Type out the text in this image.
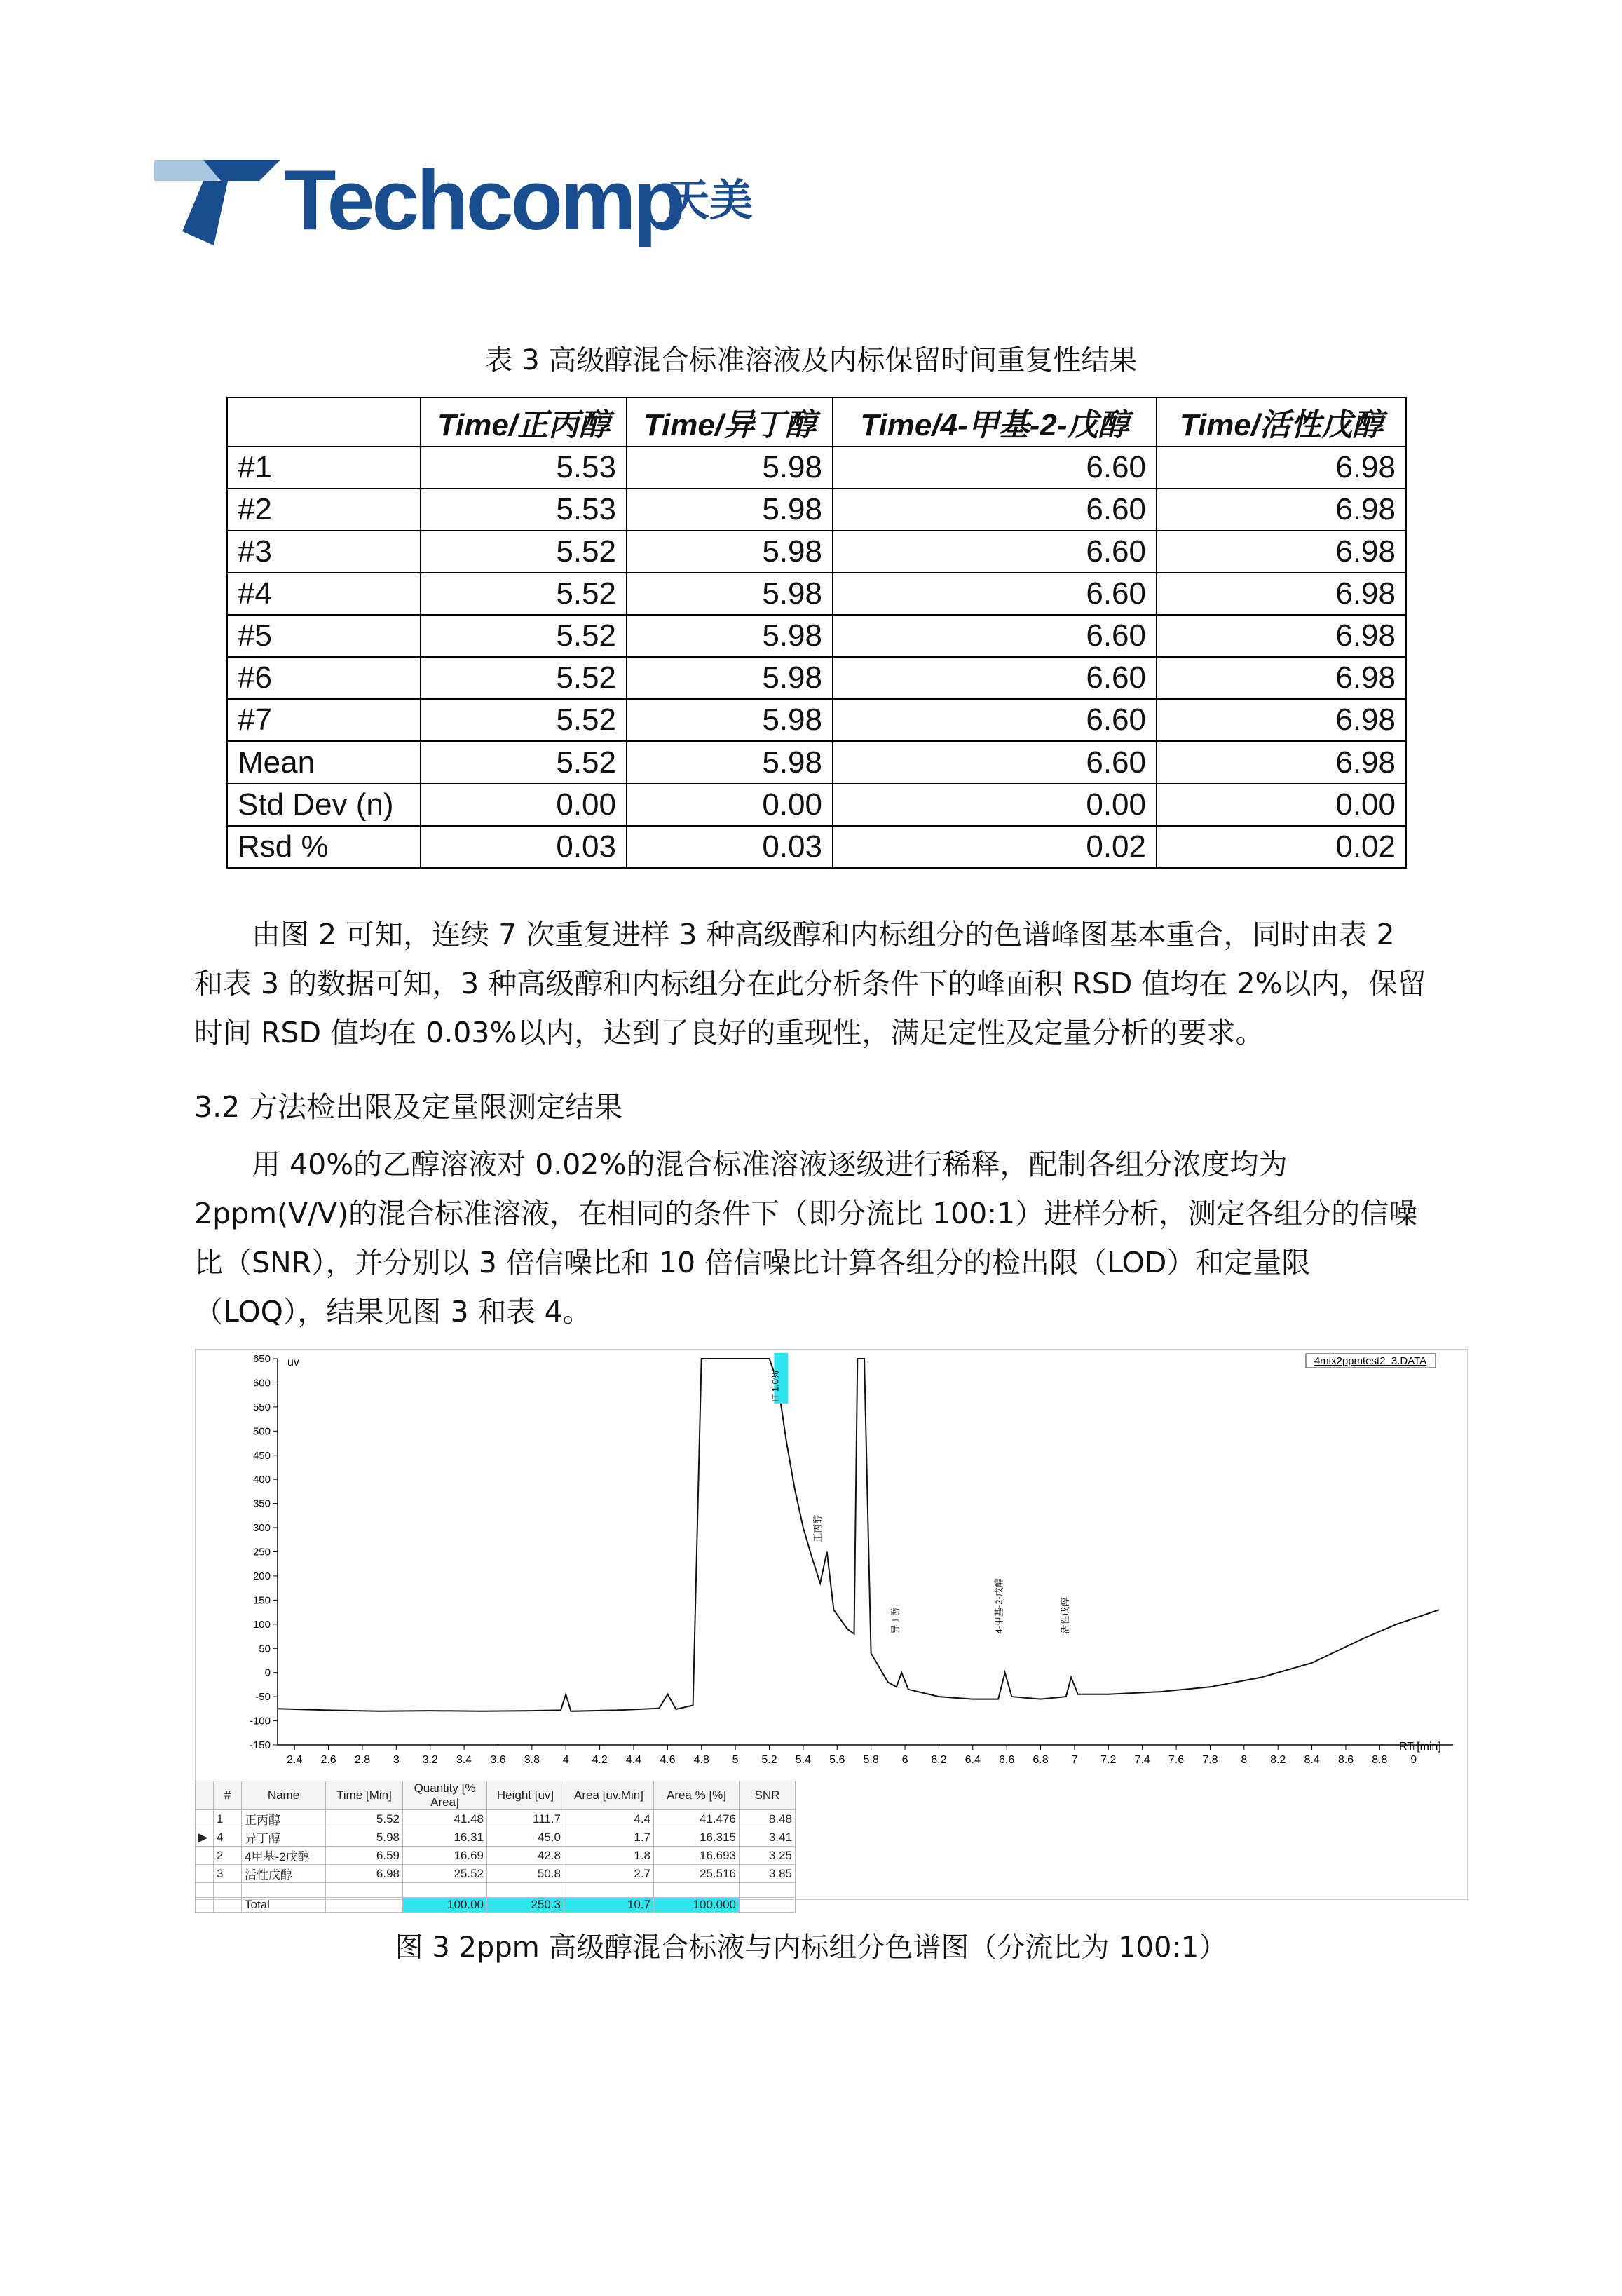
Techcomp
天美
表 3 高级醇混合标准溶液及内标保留时间重复性结果
	Time/正丙醇	Time/异丁醇	Time/4-甲基-2-戊醇	Time/活性戊醇
#1	5.53	5.98	6.60	6.98
#2	5.53	5.98	6.60	6.98
#3	5.52	5.98	6.60	6.98
#4	5.52	5.98	6.60	6.98
#5	5.52	5.98	6.60	6.98
#6	5.52	5.98	6.60	6.98
#7	5.52	5.98	6.60	6.98
Mean	5.52	5.98	6.60	6.98
Std Dev (n)	0.00	0.00	0.00	0.00
Rsd %	0.03	0.03	0.02	0.02
由图 2 可知，连续 7 次重复进样 3 种高级醇和内标组分的色谱峰图基本重合，同时由表 2 和表 3 的数据可知，3 种高级醇和内标组分在此分析条件下的峰面积 RSD 值均在 2%以内，保留时间 RSD 值均在 0.03%以内，达到了良好的重现性，满足定性及定量分析的要求。
3.2 方法检出限及定量限测定结果
用 40%的乙醇溶液对 0.02%的混合标准溶液逐级进行稀释，配制各组分浓度均为 2ppm(V/V)的混合标准溶液，在相同的条件下（即分流比 100:1）进样分析，测定各组分的信噪比（SNR），并分别以 3 倍信噪比和 10 倍信噪比计算各组分的检出限（LOD）和定量限（LOQ），结果见图 3 和表 4。
4mix2ppmtest2_3.DATA
uv
RT [min]
650
600
550
500
450
400
350
300
250
200
150
100
50
0
-50
-100
-150
2.4 2.6 2.8 3 3.2 3.4 3.6 3.8 4 4.2 4.4 4.6 4.8 5 5.2 5.4 5.6 5.8 6 6.2 6.4 6.6 6.8 7 7.2 7.4 7.6 7.8 8 8.2 8.4 8.6 8.8 9
IT 1.0%
正丙醇
异丁醇	4-甲基-2-戊醇	活性戊醇
	#	Name	Time [Min]	Quantity [% Area]	Height [uv]	Area [uv.Min]	Area % [%]	SNR
	1	正丙醇	5.52	41.48	111.7	4.4	41.476	8.48
▶	4	异丁醇	5.98	16.31	45.0	1.7	16.315	3.41
	2	4甲基-2戊醇	6.59	16.69	42.8	1.8	16.693	3.25
	3	活性戊醇	6.98	25.52	50.8	2.7	25.516	3.85

		Total		100.00	250.3	10.7	100.000	
图 3 2ppm 高级醇混合标液与内标组分色谱图（分流比为 100:1）
